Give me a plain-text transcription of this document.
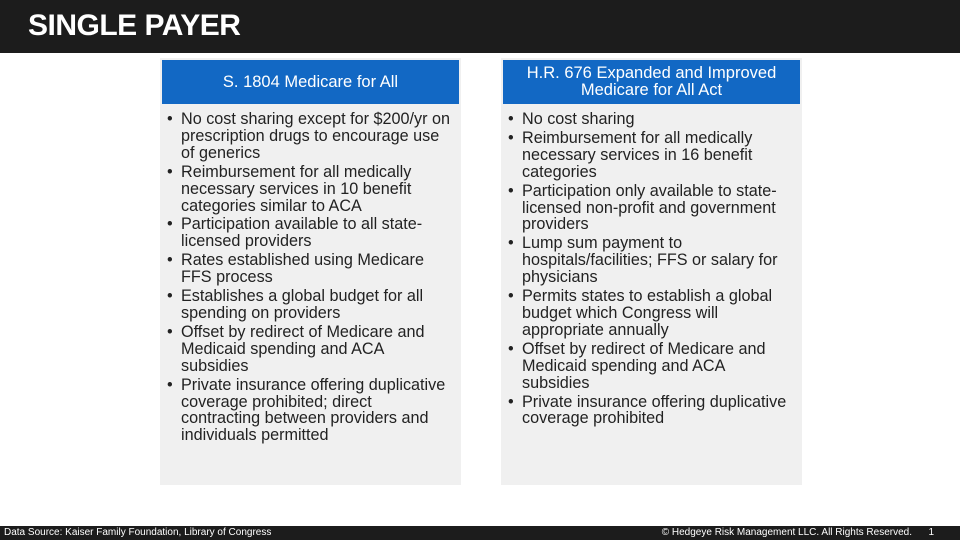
SINGLE PAYER
S. 1804 Medicare for All
• No cost sharing except for $200/yr on prescription drugs to encourage use of generics
• Reimbursement for all medically necessary services in 10 benefit categories similar to ACA
• Participation available to all state-licensed providers
• Rates established using Medicare FFS process
• Establishes a global budget for all spending on providers
• Offset by redirect of Medicare and Medicaid spending and ACA subsidies
• Private insurance offering duplicative coverage prohibited; direct contracting between providers and individuals permitted
H.R. 676 Expanded and Improved Medicare for All Act
• No cost sharing
• Reimbursement for all medically necessary services in 16 benefit categories
• Participation only available to state-licensed non-profit and government providers
• Lump sum payment to hospitals/facilities; FFS or salary for physicians
• Permits states to establish a global budget which Congress will appropriate annually
• Offset by redirect of Medicare and Medicaid spending and ACA subsidies
• Private insurance offering duplicative coverage prohibited
Data Source: Kaiser Family Foundation, Library of Congress	© Hedgeye Risk Management LLC. All Rights Reserved. 1
